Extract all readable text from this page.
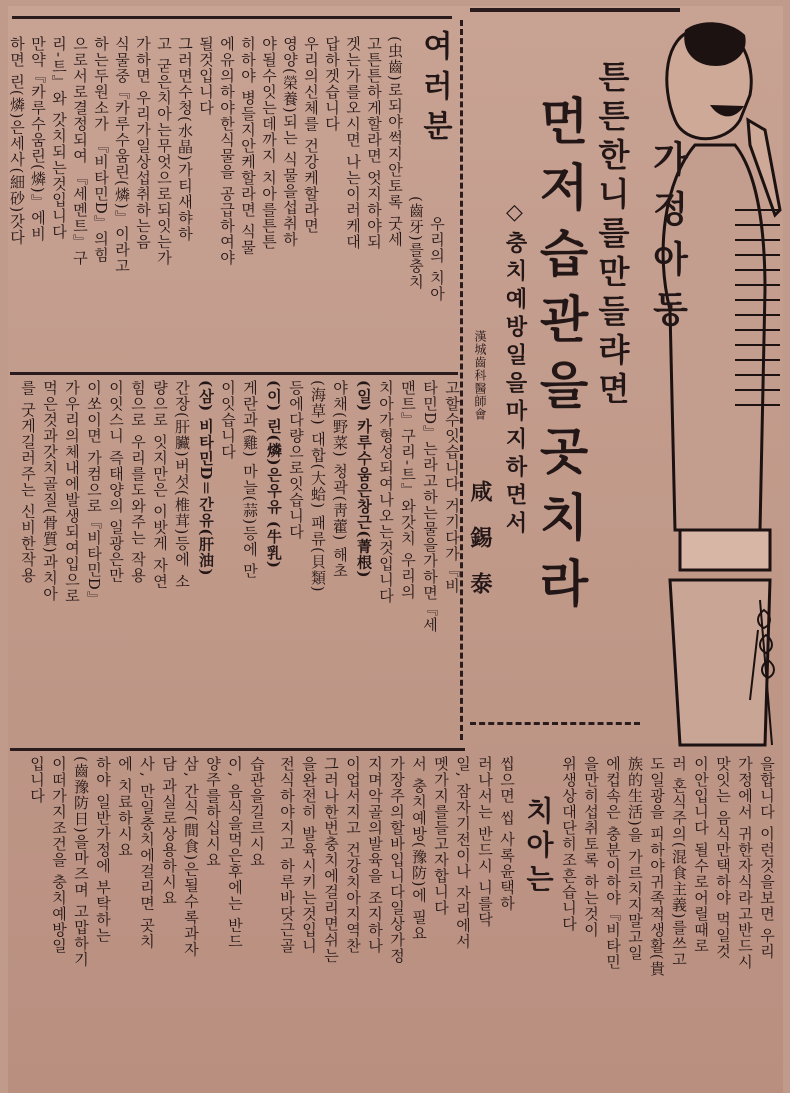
가정아동
튼튼한니를만들랴면
먼저습관을곳치라
◇충치예방일을마지하면서
漢城齒科醫師會
咸錫泰
여러분
우리의 치아
(齒牙)를충치
(虫齒)로되야썩지안토록 굿세
고튼튼하게할라면 엇지하야되
겟는가를오시면 나는이러케대
답하겟습니다
우리의신체를 건강케할라면
영양(榮養)되는 식물을섭취하
야될수잇는데까지 치아를튼튼
히하야 병들지안케할라면 식물
에유의하야한식물을 공급하여야
될것입니다
그러면수청(水晶)가티새햐하
고 굳은치아는무엇으로되잇는가
가하면 우리가일상섭취하는음
식물중『카루수움린(燐)』이라고
하는두원소가 『비타민D』의힘
으로서로결정되여 『세멘트』구
리-트』와 갓치되는것입니다
만약『카루수움린(燐)』에비
하면 린(燐)은세사(細砂)갓다
고할수잇습니다 거기다가『비
타민D』는라고하는물을가하면『세
맨트』구리-트』와갓치 우리의
치아가형성되여나오는것입니다
(일) 카루수움은창근(菁根)
야채(野菜) 청곽(靑藿) 해초
(海草) 대합(大蛤) 패류(貝類)
등에다량으로잇습니다
(이) 린(燐)은우유 (牛乳)
게란과(雞) 마늘(蒜)등에 만
이잇습니다
(삼) 비타민D＝간유(肝油)
간장(肝臟)버섯(椎茸)등에 소
량으로 잇지만은 이밧게 자연
힘으로 우리를도와주는 작용
이잇스니 즉태양의 일광은만
이쏘이면 가컴으로『비타민D』
가우리의체내에발생되여입으로
먹은것과갓치골질(骨質)과치아
를 굿게길러주는 신비한작용
을합니다 이런것을보면 우리
가정에서 귀한자식라고반드시
맛잇는 음식만택하야 먹일것
이안입니다 될수로어릴때로
러 혼식주의(混食主義)를쓰고
도일광을 피하야귀족적생활(貴
族的生活)을 가르치지말고일
에컵속은 충분이하야『비타민
을만히섭취토록 하는것이
위생상대단히조흔습니다
치아는
씹으면 씹 사록윤택하
러나서는 반드시 니를닥
일, 잠자기전이나 자리에서
멧가지를들고자합니다
서 충치예방(豫防)에 필요
가장주의할바입니다일상가정
지며악골의발육을 조지하나
이업서지고 건강치아지역찬
그러나한번충치에걸리면쉬는
을완전히 발육시키는것입니
전식하야지고 하루바닷근골
습관을길르시요
이, 음식을먹은후에는 반드
양주를하십시요
삼, 간식(間食)은될수록과자
담 과실로상용하시요
사, 만일충치에걸리면 곳치
에 치료하시요
하야 일반가정에 부탁하는
(齒豫防日)을마즈며 고맙하기
이떠가지조건을 충치예방일
입니다
